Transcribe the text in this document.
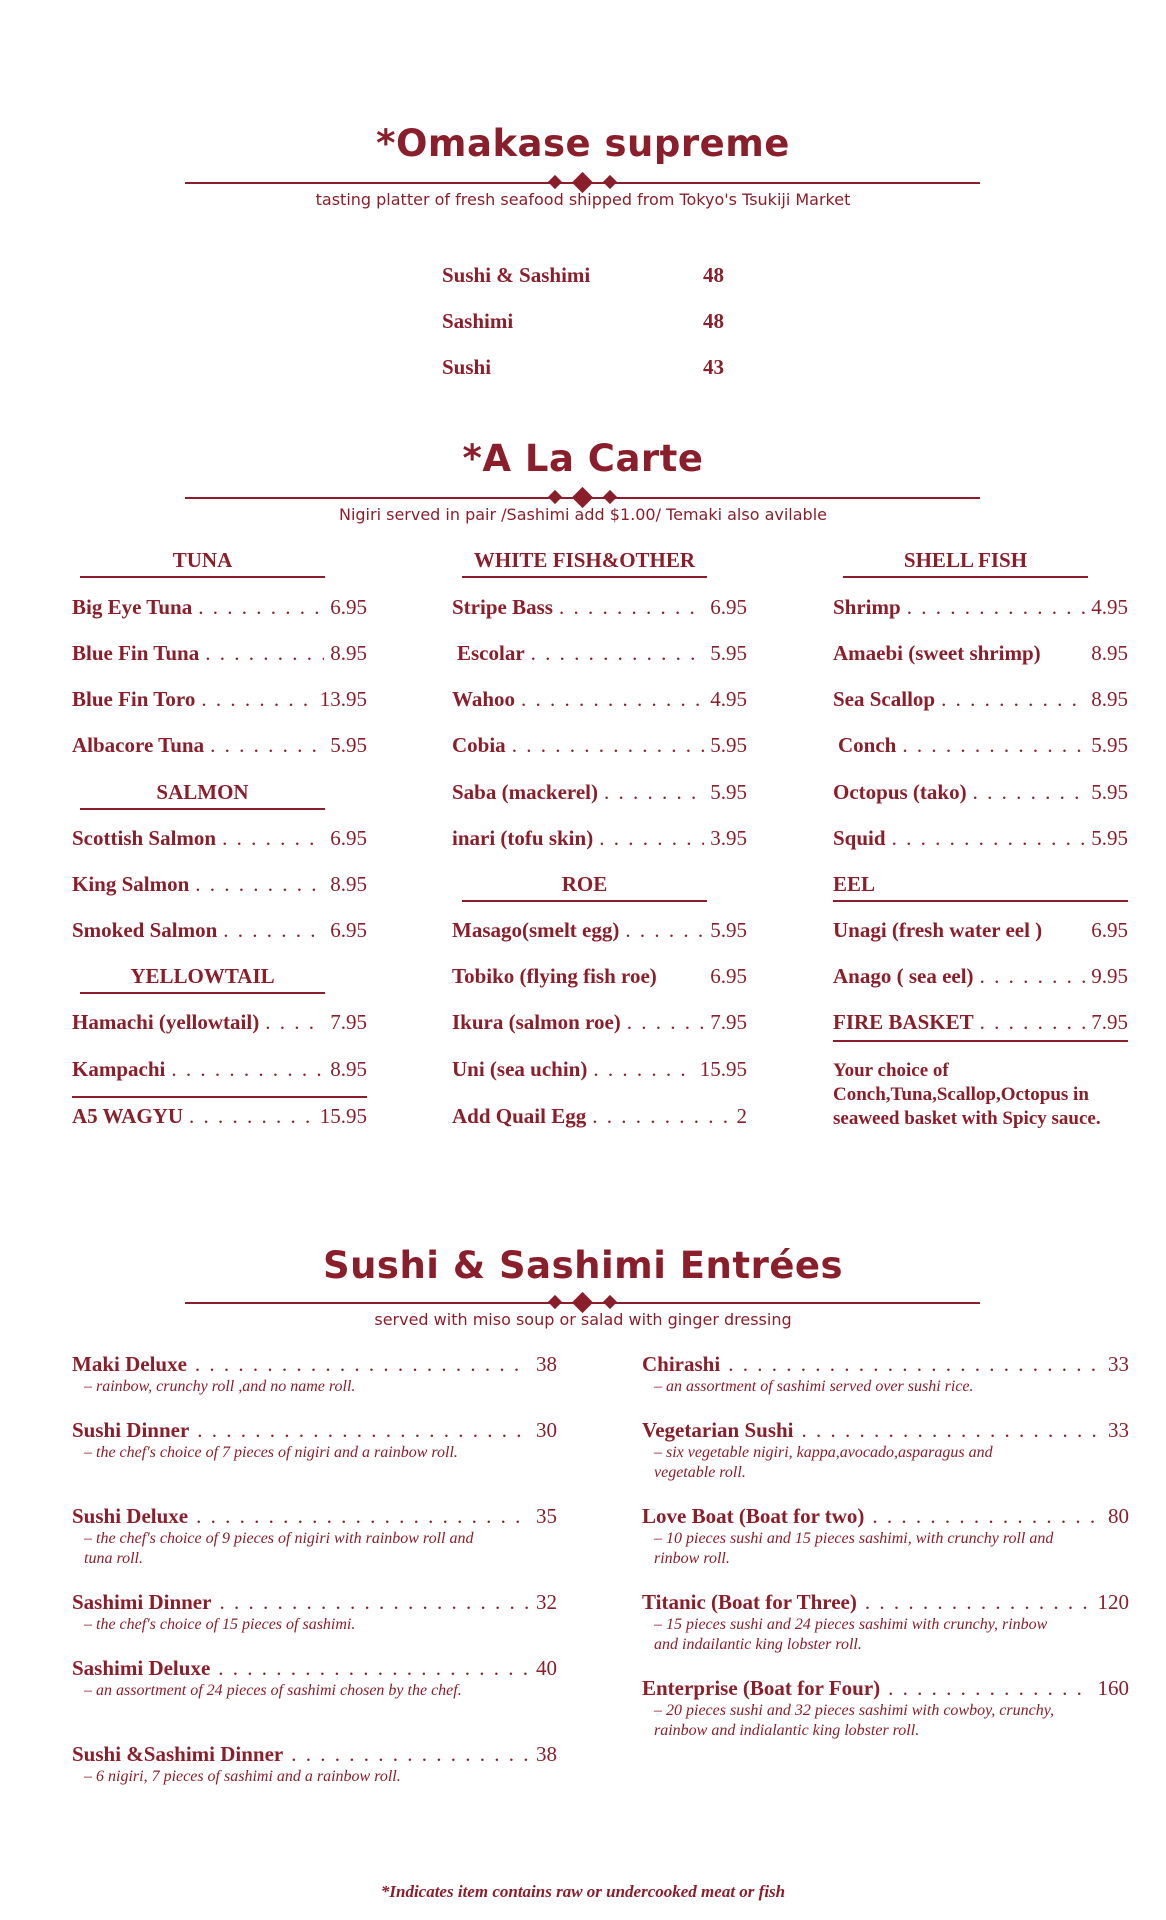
*Omakase supreme
tasting platter of fresh seafood shipped from Tokyo's Tsukiji Market
Sushi & Sashimi	48
Sashimi	48
Sushi	43
*A La Carte
Nigiri served in pair /Sashimi add $1.00/ Temaki also avilable
TUNA
Big Eye Tuna . . .	6.95
Blue Fin Tuna . . .	8.95
Blue Fin Toro . . .	13.95
Albacore Tuna . . .	5.95
SALMON
Scottish Salmon . . .	6.95
King Salmon . . .	8.95
Smoked Salmon . . .	6.95
YELLOWTAIL
Hamachi (yellowtail) . . .	7.95
Kampachi . . .	8.95
A5 WAGYU . . .	15.95
WHITE FISH&OTHER
Stripe Bass . . .	6.95
Escolar . . .	5.95
Wahoo . . .	4.95
Cobia . . .	5.95
Saba (mackerel) . . .	5.95
inari (tofu skin) . . .	3.95
ROE
Masago(smelt egg) . . .	5.95
Tobiko (flying fish roe)	6.95
Ikura (salmon roe) . . .	7.95
Uni (sea uchin) . . .	15.95
Add Quail Egg . . .	2
SHELL FISH
Shrimp . . .	4.95
Amaebi (sweet shrimp) 8.95
Sea Scallop . . .	8.95
Conch . . .	5.95
Octopus (tako) . . .	5.95
Squid . . .	5.95
EEL
Unagi (fresh water eel ) 6.95
Anago ( sea eel) . . .	9.95
FIRE BASKET . . .	7.95
Your choice of Conch,Tuna,Scallop,Octopus in seaweed basket with Spicy sauce.
Sushi & Sashimi Entrées
served with miso soup or salad with ginger dressing
Maki Deluxe . . .	38
– rainbow, crunchy roll ,and no name roll.
Sushi Dinner . . .	30
– the chef's choice of 7 pieces of nigiri and a rainbow roll.
Sushi Deluxe . . .	35
– the chef's choice of 9 pieces of nigiri with rainbow roll and tuna roll.
Sashimi Dinner . . .	32
– the chef's choice of 15 pieces of sashimi.
Sashimi Deluxe . . .	40
– an assortment of 24 pieces of sashimi chosen by the chef.
Sushi &Sashimi Dinner . . .	38
– 6 nigiri, 7 pieces of sashimi and a rainbow roll.
Chirashi . . .	33
– an assortment of sashimi served over sushi rice.
Vegetarian Sushi . . .	33
– six vegetable nigiri, kappa,avocado,asparagus and vegetable roll.
Love Boat (Boat for two) . . .	80
– 10 pieces sushi and 15 pieces sashimi, with crunchy roll and rinbow roll.
Titanic (Boat for Three) . . .	120
– 15 pieces sushi and 24 pieces sashimi with crunchy, rinbow and indailantic king lobster roll.
Enterprise (Boat for Four) . . .	160
– 20 pieces sushi and 32 pieces sashimi with cowboy, crunchy, rainbow and indialantic king lobster roll.
*Indicates item contains raw or undercooked meat or fish
